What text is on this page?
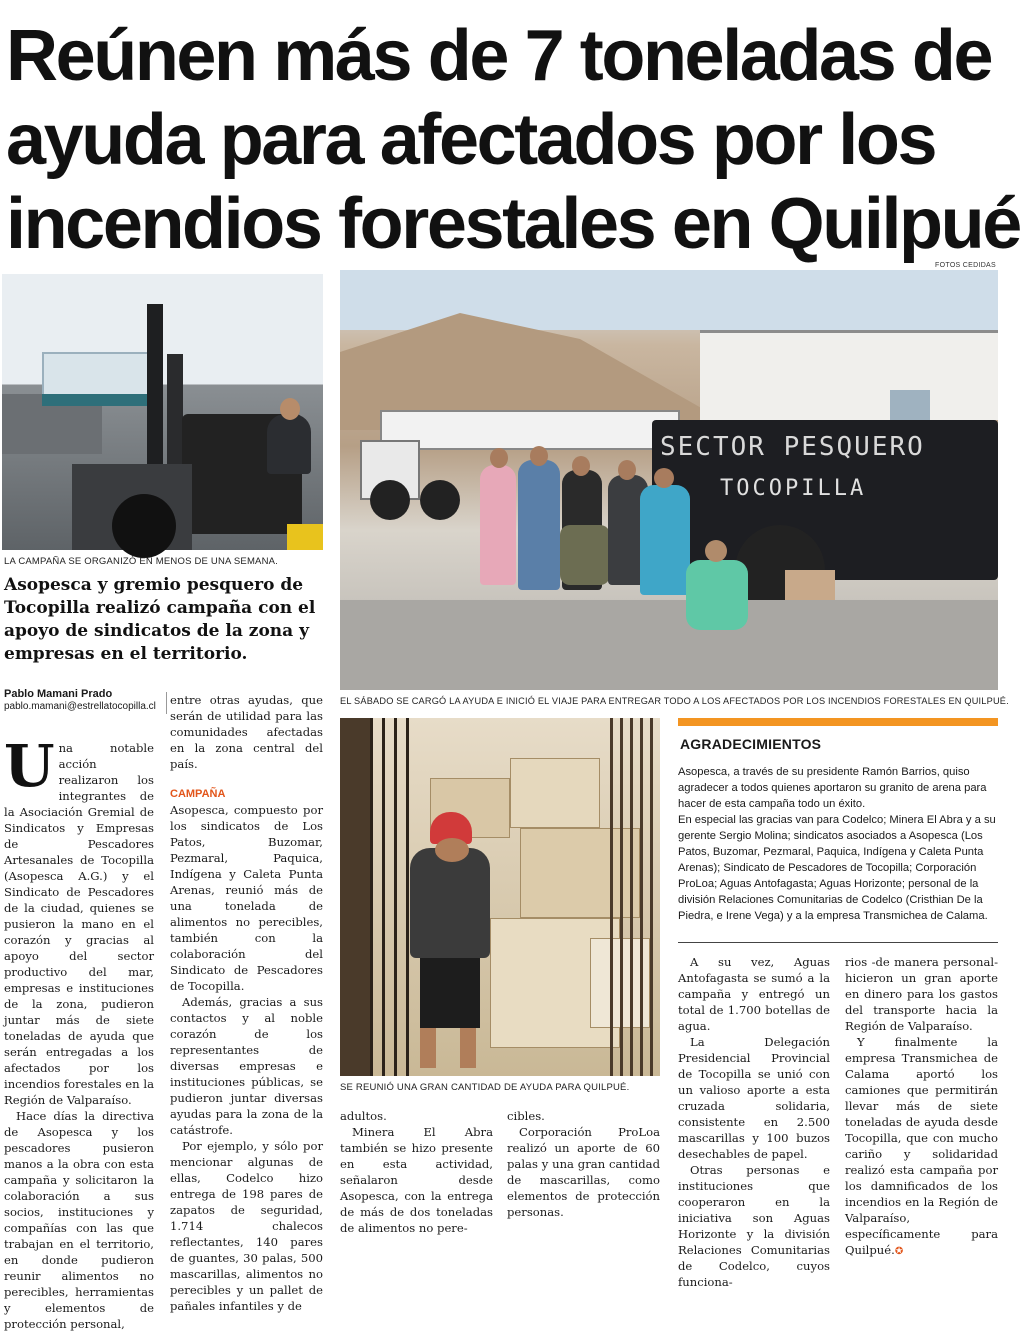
Reúnen más de 7 toneladas de
ayuda para afectados por los
incendios forestales en Quilpué
FOTOS CEDIDAS
LA CAMPAÑA SE ORGANIZÓ EN MENOS DE UNA SEMANA.
SECTOR PESQUERO
TOCOPILLA
EL SÁBADO SE CARGÓ LA AYUDA E INICIÓ EL VIAJE PARA ENTREGAR TODO A LOS AFECTADOS POR LOS INCENDIOS FORESTALES EN QUILPUÉ.
Asopesca y gremio pesquero de Tocopilla realizó campaña con el apoyo de sindicatos de la zona y empresas en el territorio.
Pablo Mamani Prado
pablo.mamani@estrellatocopilla.cl

Una notable acción realizaron los integrantes de la Asociación Gremial de Sindicatos y Empresas de Pescadores Artesanales de Tocopilla (Asopesca A.G.) y el Sindicato de Pescadores de la ciudad, quienes se pusieron la mano en el corazón y gracias al apoyo del sector productivo del mar, empresas e instituciones de la zona, pudieron juntar más de siete toneladas de ayuda que serán entregadas a los afectados por los incendios forestales en la Región de Valparaíso.

Hace días la directiva de Asopesca y los pescadores pusieron manos a la obra con esta campaña y solicitaron la colaboración a sus socios, instituciones y compañías con las que trabajan en el territorio, en donde pudieron reunir alimentos no perecibles, herramientas y elementos de protección personal,

entre otras ayudas, que serán de utilidad para las comunidades afectadas en la zona central del país.

CAMPAÑA

Asopesca, compuesto por los sindicatos de Los Patos, Buzomar, Pezmaral, Paquica, Indígena y Caleta Punta Arenas, reunió más de una tonelada de alimentos no perecibles, también con la colaboración del Sindicato de Pescadores de Tocopilla.

Además, gracias a sus contactos y al noble corazón de los representantes de diversas empresas e instituciones públicas, se pudieron juntar diversas ayudas para la zona de la catástrofe.

Por ejemplo, y sólo por mencionar algunas de ellas, Codelco hizo entrega de 198 pares de zapatos de seguridad, 1.714 chalecos reflectantes, 140 pares de guantes, 30 palas, 500 mascarillas, alimentos no perecibles y un pallet de pañales infantiles y de

SE REUNIÓ UNA GRAN CANTIDAD DE AYUDA PARA QUILPUÉ.

adultos.

Minera El Abra también se hizo presente en esta actividad, señalaron desde Asopesca, con la entrega de más de dos toneladas de alimentos no pere-

cibles.

Corporación ProLoa realizó un aporte de 60 palas y una gran cantidad de mascarillas, como elementos de protección personas.

AGRADECIMIENTOS

Asopesca, a través de su presidente Ramón Barrios, quiso agradecer a todos quienes aportaron su granito de arena para hacer de esta campaña todo un éxito.

En especial las gracias van para Codelco; Minera El Abra y a su gerente Sergio Molina; sindicatos asociados a Asopesca (Los Patos, Buzomar, Pezmaral, Paquica, Indígena y Caleta Punta Arenas); Sindicato de Pescadores de Tocopilla; Corporación ProLoa; Aguas Antofagasta; Aguas Horizonte; personal de la división Relaciones Comunitarias de Codelco (Cristhian De la Piedra, e Irene Vega) y a la empresa Transmichea de Calama.

A su vez, Aguas Antofagasta se sumó a la campaña y entregó un total de 1.700 botellas de agua.

La Delegación Presidencial Provincial de Tocopilla se unió con un valioso aporte a esta cruzada solidaria, consistente en 2.500 mascarillas y 100 buzos desechables de papel.

Otras personas e instituciones que cooperaron en la iniciativa son Aguas Horizonte y la división Relaciones Comunitarias de Codelco, cuyos funciona-

rios -de manera personal- hicieron un gran aporte en dinero para los gastos del transporte hacia la Región de Valparaíso.

Y finalmente la empresa Transmichea de Calama aportó los camiones que permitirán llevar más de siete toneladas de ayuda desde Tocopilla, que con mucho cariño y solidaridad realizó esta campaña por los damnificados de los incendios en la Región de Valparaíso, específicamente para Quilpué.✪
